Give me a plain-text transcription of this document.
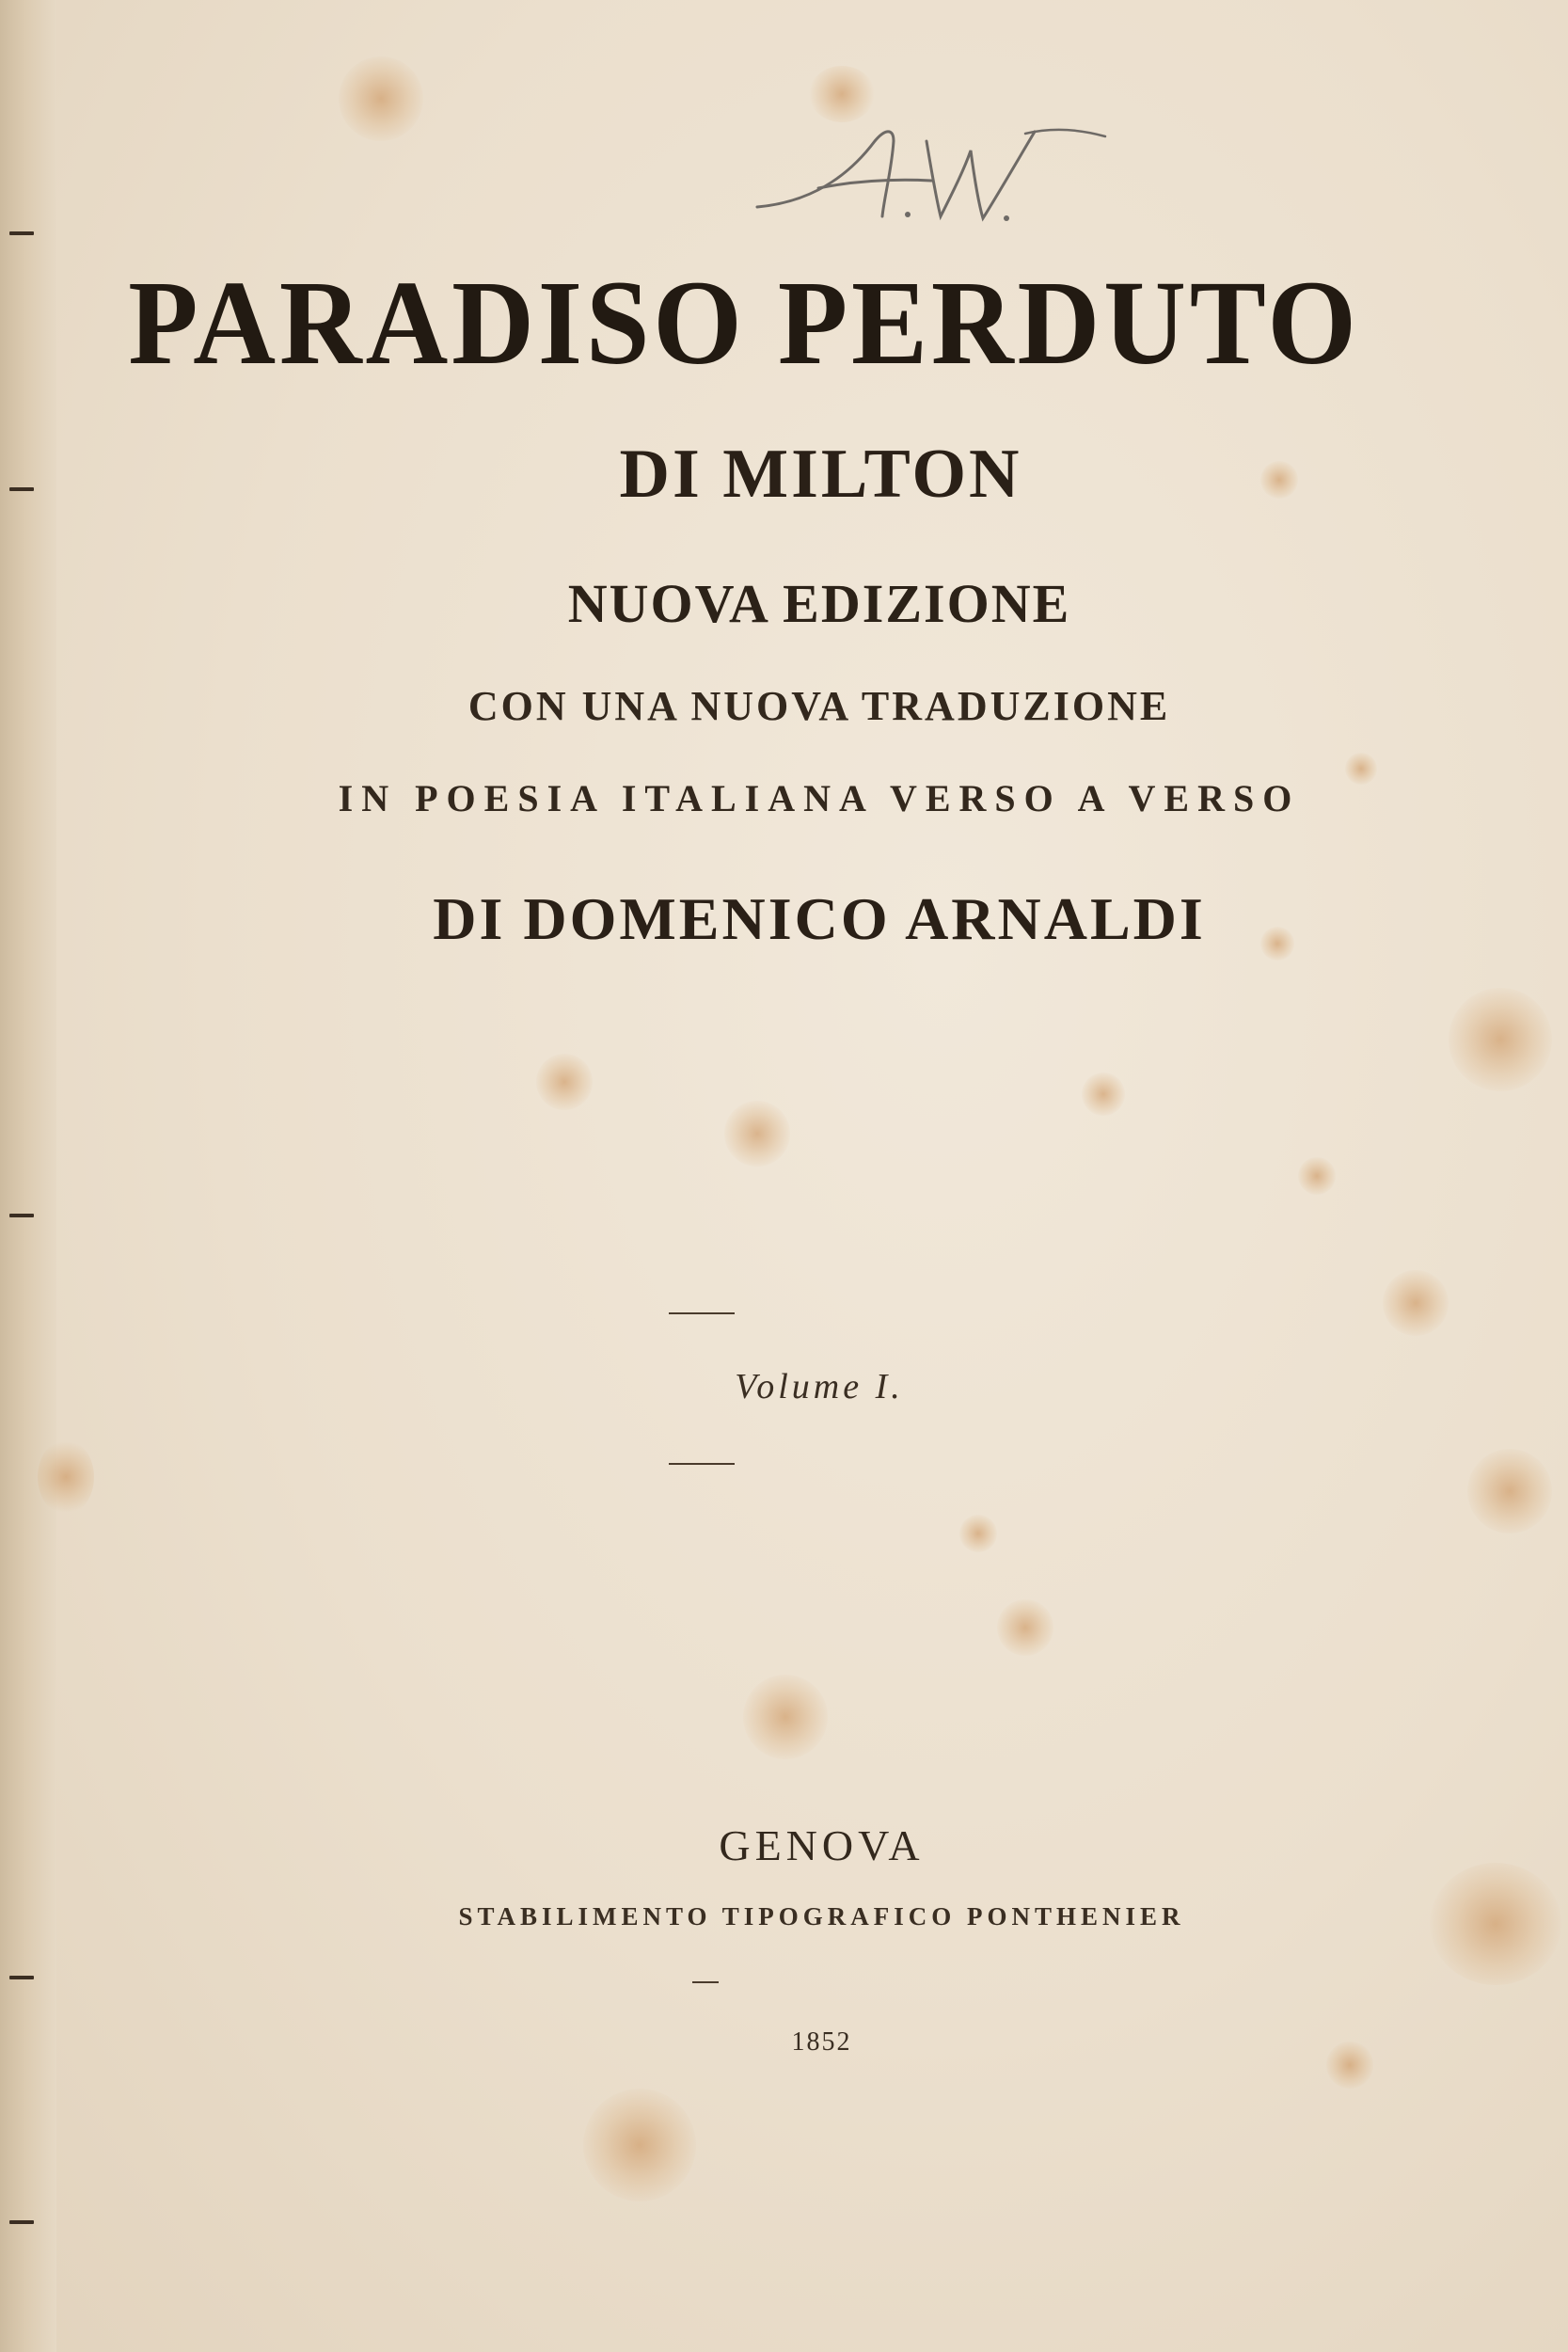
PARADISO PERDUTO
DI MILTON
NUOVA EDIZIONE
CON UNA NUOVA TRADUZIONE
IN POESIA ITALIANA VERSO A VERSO
DI DOMENICO ARNALDI
Volume I.
GENOVA
STABILIMENTO TIPOGRAFICO PONTHENIER
1852
